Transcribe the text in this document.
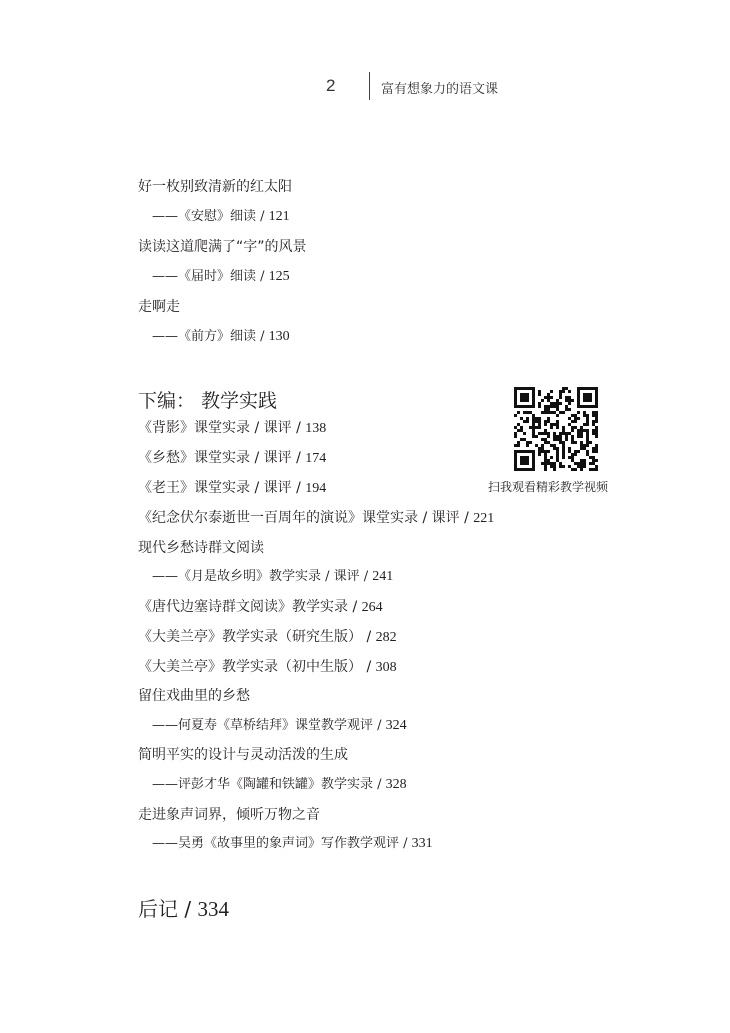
2	富有想象力的语文课
好一枚别致清新的红太阳
——《安慰》细读 / 121
读读这道爬满了“字”的风景
——《届时》细读 / 125
走啊走
——《前方》细读 / 130
下编： 教学实践
《背影》课堂实录 / 课评 / 138
《乡愁》课堂实录 / 课评 / 174
《老王》课堂实录 / 课评 / 194
《纪念伏尔泰逝世一百周年的演说》课堂实录 / 课评 / 221
现代乡愁诗群文阅读
——《月是故乡明》教学实录 / 课评 / 241
《唐代边塞诗群文阅读》教学实录 / 264
《大美兰亭》教学实录（研究生版） / 282
《大美兰亭》教学实录（初中生版） / 308
留住戏曲里的乡愁
——何夏寿《草桥结拜》课堂教学观评 / 324
简明平实的设计与灵动活泼的生成
——评彭才华《陶罐和铁罐》教学实录 / 328
走进象声词界，倾听万物之音
——吴勇《故事里的象声词》写作教学观评 / 331
扫我观看精彩教学视频
后记 / 334
